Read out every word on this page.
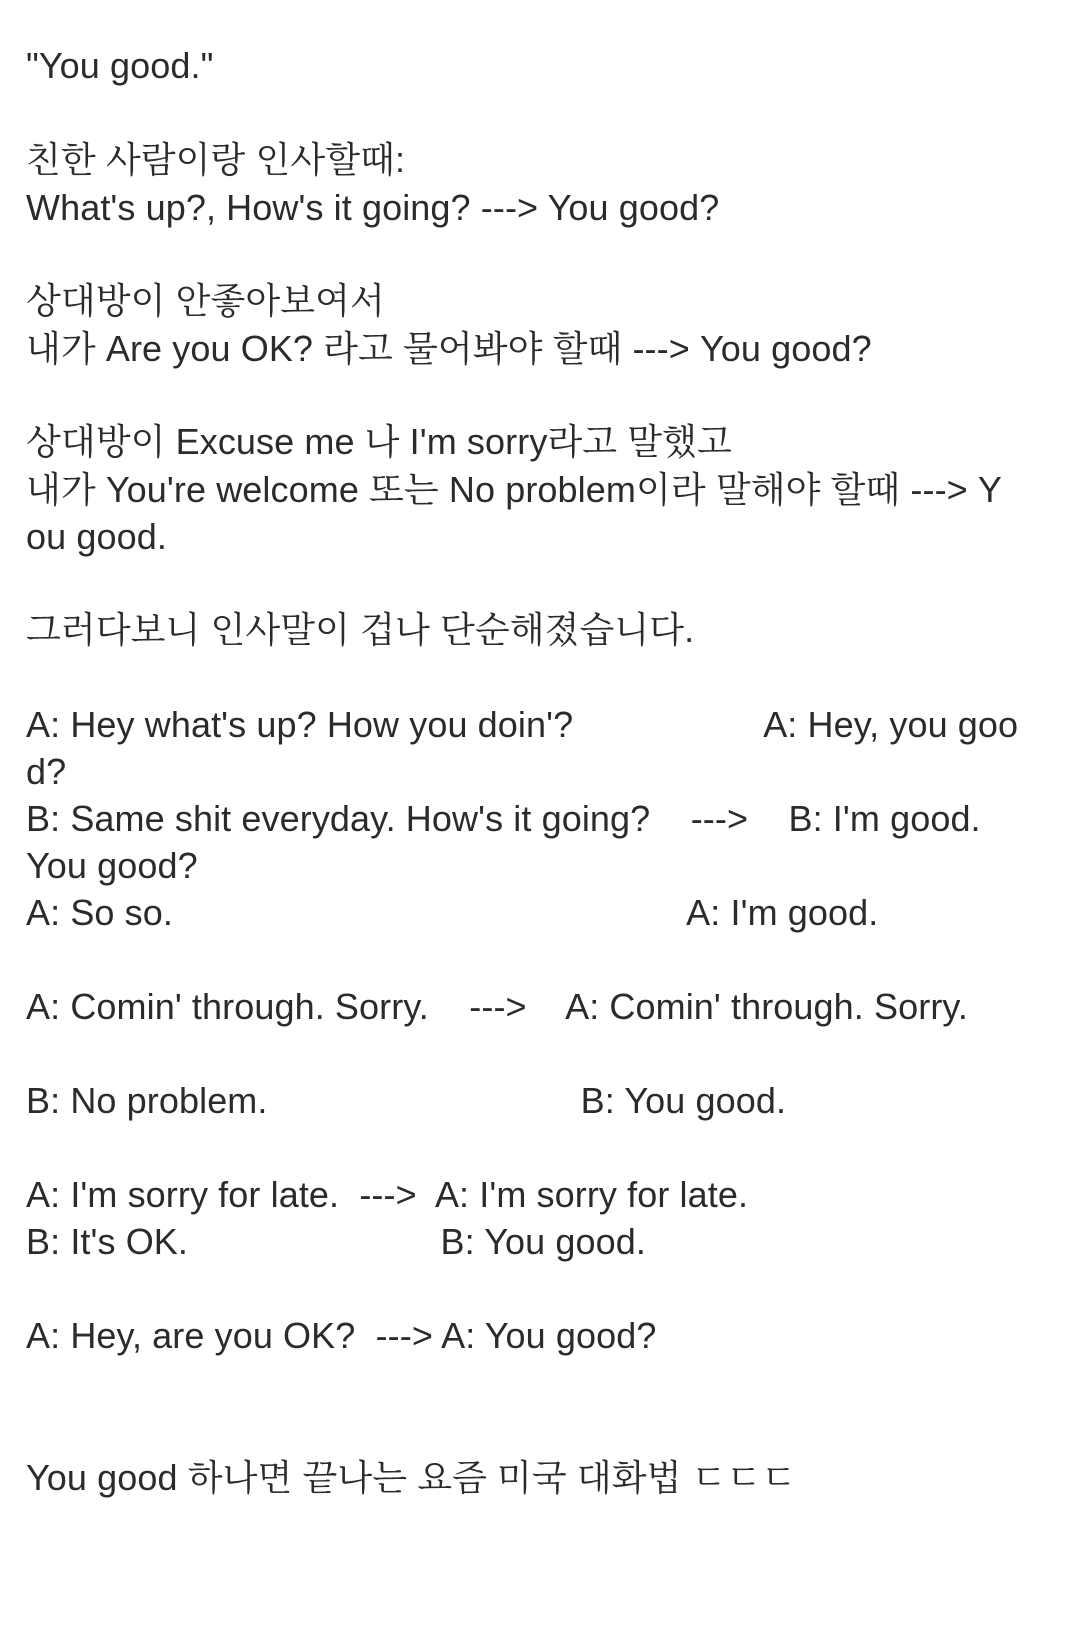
"You good."
친한 사람이랑 인사할때:
What's up?, How's it going? ---> You good?
상대방이 안좋아보여서
내가 Are you OK? 라고 물어봐야 할때 ---> You good?
상대방이 Excuse me 나 I'm sorry라고 말했고
내가 You're welcome 또는 No problem이라 말해야 할때 ---> Y
ou good.
그러다보니 인사말이 겁나 단순해졌습니다.
A: Hey what's up? How you doin'?                   A: Hey, you goo
d?
B: Same shit everyday. How's it going?    --->    B: I'm good.
You good?
A: So so.                                                   A: I'm good.
A: Comin' through. Sorry.    --->    A: Comin' through. Sorry.
B: No problem.                               B: You good.
A: I'm sorry for late.  --->  A: I'm sorry for late.
B: It's OK.                         B: You good.
A: Hey, are you OK?  ---> A: You good?
You good 하나면 끝나는 요즘 미국 대화법 ㄷㄷㄷ
